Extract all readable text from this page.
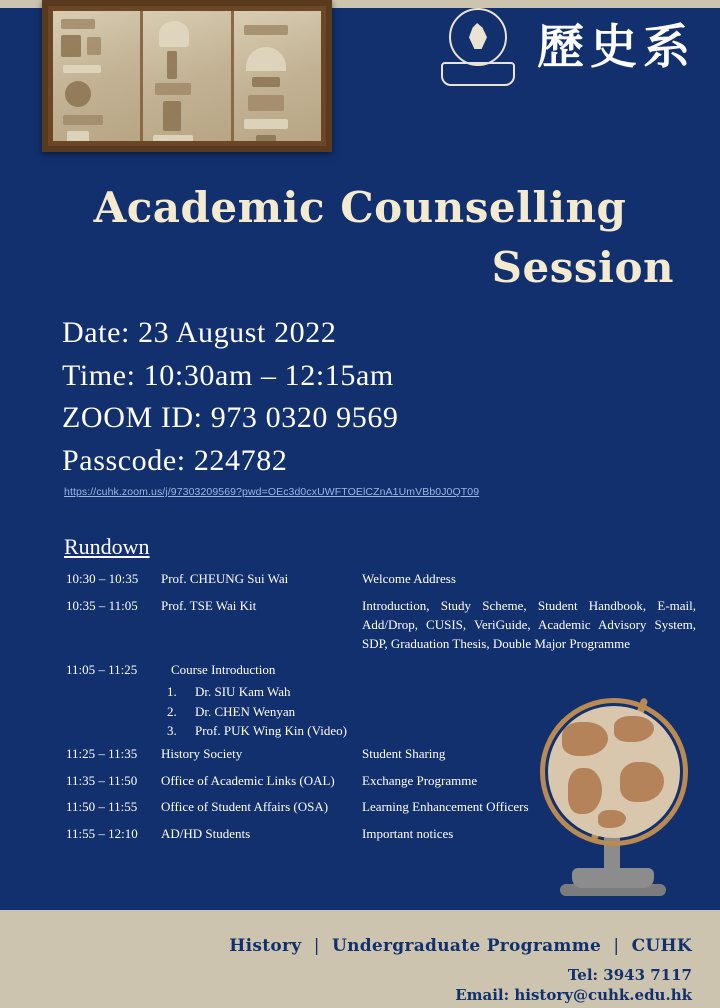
歷史系
Academic Counselling
Session
Date: 23 August 2022
Time: 10:30am – 12:15am
ZOOM ID: 973 0320 9569
Passcode: 224782
https://cuhk.zoom.us/j/97303209569?pwd=OEc3d0cxUWFTOElCZnA1UmVBb0J0QT09
Rundown
10:30 – 10:35	Prof. CHEUNG Sui Wai	Welcome Address
10:35 – 11:05	Prof. TSE Wai Kit	Introduction, Study Scheme, Student Handbook, E-mail, Add/Drop, CUSIS, VeriGuide, Academic Advisory System, SDP, Graduation Thesis, Double Major Programme
11:05 – 11:25	Course Introduction
1.	Dr. SIU Kam Wah
2.	Dr. CHEN Wenyan
3.	Prof. PUK Wing Kin (Video)
11:25 – 11:35	History Society	Student Sharing
11:35 – 11:50	Office of Academic Links (OAL)	Exchange Programme
11:50 – 11:55	Office of Student Affairs (OSA)	Learning Enhancement Officers
11:55 – 12:10	AD/HD Students	Important notices
History | Undergraduate Programme | CUHK
Tel: 3943 7117
Email: history@cuhk.edu.hk
